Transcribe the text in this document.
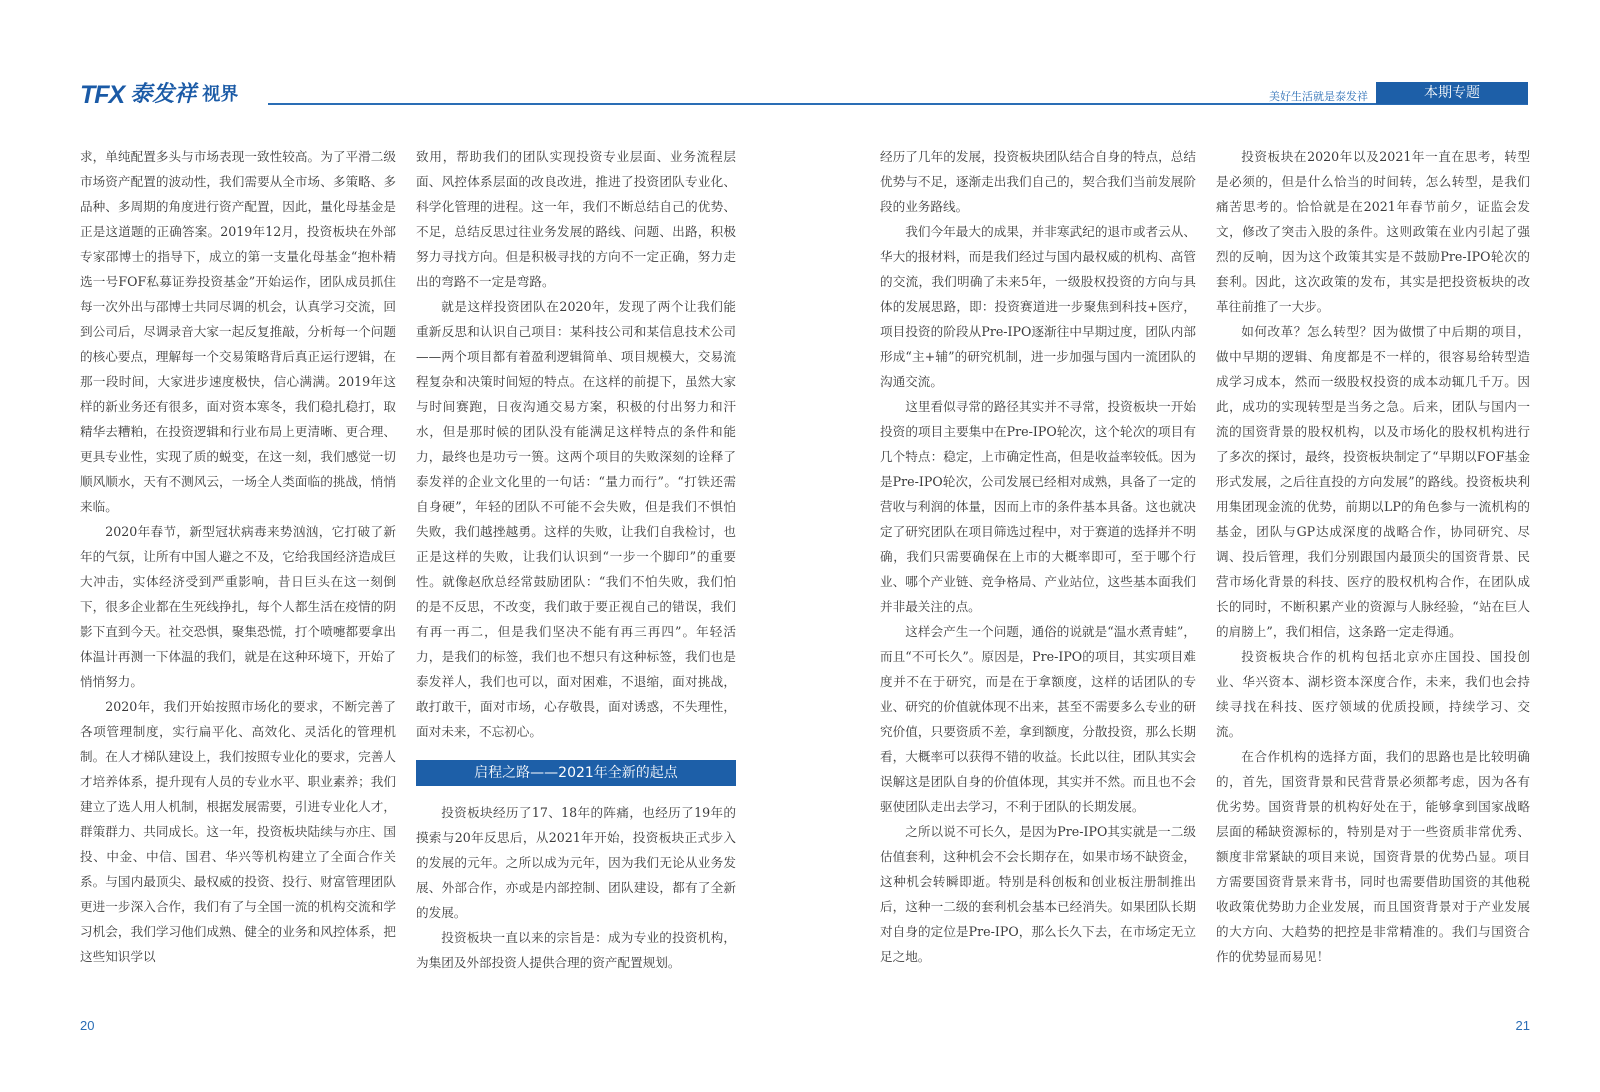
TFX 泰发祥 视界	美好生活就是泰发祥	本期专题

求，单纯配置多头与市场表现一致性较高。为了平滑二级市场资产配置的波动性，我们需要从全市场、多策略、多品种、多周期的角度进行资产配置，因此，量化母基金是正是这道题的正确答案。2019年12月，投资板块在外部专家邵博士的指导下，成立的第一支量化母基金“抱朴精选一号FOF私募证券投资基金”开始运作，团队成员抓住每一次外出与邵博士共同尽调的机会，认真学习交流，回到公司后，尽调录音大家一起反复推敲，分析每一个问题的核心要点，理解每一个交易策略背后真正运行逻辑，在那一段时间，大家进步速度极快，信心满满。2019年这样的新业务还有很多，面对资本寒冬，我们稳扎稳打，取精华去糟粕，在投资逻辑和行业布局上更清晰、更合理、更具专业性，实现了质的蜕变，在这一刻，我们感觉一切顺风顺水，天有不测风云，一场全人类面临的挑战，悄悄来临。

2020年春节，新型冠状病毒来势汹汹，它打破了新年的气氛，让所有中国人避之不及，它给我国经济造成巨大冲击，实体经济受到严重影响，昔日巨头在这一刻倒下，很多企业都在生死线挣扎，每个人都生活在疫情的阴影下直到今天。社交恐惧，聚集恐慌，打个喷嚏都要拿出体温计再测一下体温的我们，就是在这种环境下，开始了悄悄努力。

2020年，我们开始按照市场化的要求，不断完善了各项管理制度，实行扁平化、高效化、灵活化的管理机制。在人才梯队建设上，我们按照专业化的要求，完善人才培养体系，提升现有人员的专业水平、职业素养；我们建立了选人用人机制，根据发展需要，引进专业化人才，群策群力、共同成长。这一年，投资板块陆续与亦庄、国投、中金、中信、国君、华兴等机构建立了全面合作关系。与国内最顶尖、最权威的投资、投行、财富管理团队更进一步深入合作，我们有了与全国一流的机构交流和学习机会，我们学习他们成熟、健全的业务和风控体系，把这些知识学以

致用，帮助我们的团队实现投资专业层面、业务流程层面、风控体系层面的改良改进，推进了投资团队专业化、科学化管理的进程。这一年，我们不断总结自己的优势、不足，总结反思过往业务发展的路线、问题、出路，积极努力寻找方向。但是积极寻找的方向不一定正确，努力走出的弯路不一定是弯路。

就是这样投资团队在2020年，发现了两个让我们能重新反思和认识自己项目：某科技公司和某信息技术公司——两个项目都有着盈利逻辑简单、项目规模大，交易流程复杂和决策时间短的特点。在这样的前提下，虽然大家与时间赛跑，日夜沟通交易方案，积极的付出努力和汗水，但是那时候的团队没有能满足这样特点的条件和能力，最终也是功亏一篑。这两个项目的失败深刻的诠释了泰发祥的企业文化里的一句话：“量力而行”。“打铁还需自身硬”，年轻的团队不可能不会失败，但是我们不惧怕失败，我们越挫越勇。这样的失败，让我们自我检讨，也正是这样的失败，让我们认识到“一步一个脚印”的重要性。就像赵欣总经常鼓励团队：“我们不怕失败，我们怕的是不反思，不改变，我们敢于要正视自己的错误，我们有再一再二，但是我们坚决不能有再三再四”。年轻活力，是我们的标签，我们也不想只有这种标签，我们也是泰发祥人，我们也可以，面对困难，不退缩，面对挑战，敢打敢干，面对市场，心存敬畏，面对诱惑，不失理性，面对未来，不忘初心。

启程之路——2021年全新的起点

投资板块经历了17、18年的阵痛，也经历了19年的摸索与20年反思后，从2021年开始，投资板块正式步入的发展的元年。之所以成为元年，因为我们无论从业务发展、外部合作，亦或是内部控制、团队建设，都有了全新的发展。

投资板块一直以来的宗旨是：成为专业的投资机构，为集团及外部投资人提供合理的资产配置规划。

经历了几年的发展，投资板块团队结合自身的特点，总结优势与不足，逐渐走出我们自己的，契合我们当前发展阶段的业务路线。

我们今年最大的成果，并非寒武纪的退市或者云从、华大的报材料，而是我们经过与国内最权威的机构、高管的交流，我们明确了未来5年，一级股权投资的方向与具体的发展思路，即：投资赛道进一步聚焦到科技+医疗，项目投资的阶段从Pre-IPO逐渐往中早期过度，团队内部形成“主+辅”的研究机制，进一步加强与国内一流团队的沟通交流。

这里看似寻常的路径其实并不寻常，投资板块一开始投资的项目主要集中在Pre-IPO轮次，这个轮次的项目有几个特点：稳定，上市确定性高，但是收益率较低。因为是Pre-IPO轮次，公司发展已经相对成熟，具备了一定的营收与利润的体量，因而上市的条件基本具备。这也就决定了研究团队在项目筛选过程中，对于赛道的选择并不明确，我们只需要确保在上市的大概率即可，至于哪个行业、哪个产业链、竞争格局、产业站位，这些基本面我们并非最关注的点。

这样会产生一个问题，通俗的说就是“温水煮青蛙”，而且“不可长久”。原因是，Pre-IPO的项目，其实项目难度并不在于研究，而是在于拿额度，这样的话团队的专业、研究的价值就体现不出来，甚至不需要多么专业的研究价值，只要资质不差，拿到额度，分散投资，那么长期看，大概率可以获得不错的收益。长此以往，团队其实会误解这是团队自身的价值体现，其实并不然。而且也不会驱使团队走出去学习，不利于团队的长期发展。

之所以说不可长久，是因为Pre-IPO其实就是一二级估值套利，这种机会不会长期存在，如果市场不缺资金，这种机会转瞬即逝。特别是科创板和创业板注册制推出后，这种一二级的套利机会基本已经消失。如果团队长期对自身的定位是Pre-IPO，那么长久下去，在市场定无立足之地。

投资板块在2020年以及2021年一直在思考，转型是必须的，但是什么恰当的时间转，怎么转型，是我们痛苦思考的。恰恰就是在2021年春节前夕，证监会发文，修改了突击入股的条件。这则政策在业内引起了强烈的反响，因为这个政策其实是不鼓励Pre-IPO轮次的套利。因此，这次政策的发布，其实是把投资板块的改革往前推了一大步。

如何改革？怎么转型？因为做惯了中后期的项目，做中早期的逻辑、角度都是不一样的，很容易给转型造成学习成本，然而一级股权投资的成本动辄几千万。因此，成功的实现转型是当务之急。后来，团队与国内一流的国资背景的股权机构，以及市场化的股权机构进行了多次的探讨，最终，投资板块制定了“早期以FOF基金形式发展，之后往直投的方向发展”的路线。投资板块利用集团现金流的优势，前期以LP的角色参与一流机构的基金，团队与GP达成深度的战略合作，协同研究、尽调、投后管理，我们分别跟国内最顶尖的国资背景、民营市场化背景的科技、医疗的股权机构合作，在团队成长的同时，不断积累产业的资源与人脉经验，“站在巨人的肩膀上”，我们相信，这条路一定走得通。

投资板块合作的机构包括北京亦庄国投、国投创业、华兴资本、湖杉资本深度合作，未来，我们也会持续寻找在科技、医疗领域的优质投顾，持续学习、交流。

在合作机构的选择方面，我们的思路也是比较明确的，首先，国资背景和民营背景必须都考虑，因为各有优劣势。国资背景的机构好处在于，能够拿到国家战略层面的稀缺资源标的，特别是对于一些资质非常优秀、额度非常紧缺的项目来说，国资背景的优势凸显。项目方需要国资背景来背书，同时也需要借助国资的其他税收政策优势助力企业发展，而且国资背景对于产业发展的大方向、大趋势的把控是非常精准的。我们与国资合作的优势显而易见！

20	21
